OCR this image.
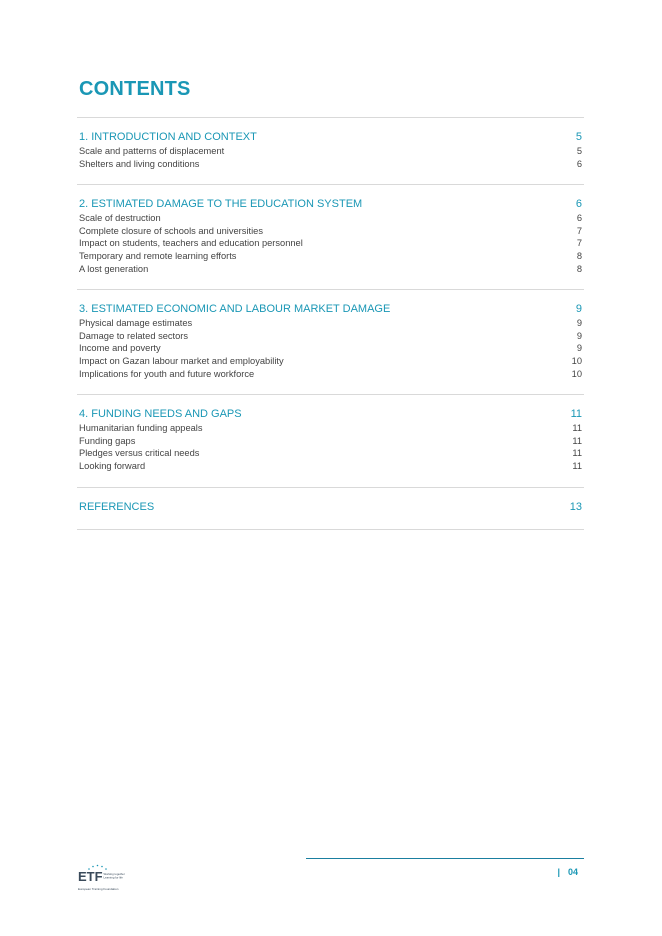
CONTENTS
1. INTRODUCTION AND CONTEXT	5
Scale and patterns of displacement	5
Shelters and living conditions	6
2. ESTIMATED DAMAGE TO THE EDUCATION SYSTEM	6
Scale of destruction	6
Complete closure of schools and universities	7
Impact on students, teachers and education personnel	7
Temporary and remote learning efforts	8
A lost generation	8
3. ESTIMATED ECONOMIC AND LABOUR MARKET DAMAGE	9
Physical damage estimates	9
Damage to related sectors	9
Income and poverty	9
Impact on Gazan labour market and employability	10
Implications for youth and future workforce	10
4. FUNDING NEEDS AND GAPS	11
Humanitarian funding appeals	11
Funding gaps	11
Pledges versus critical needs	11
Looking forward	11
REFERENCES	13
| 04
ETF Working together
Learning for life
European Training Foundation
